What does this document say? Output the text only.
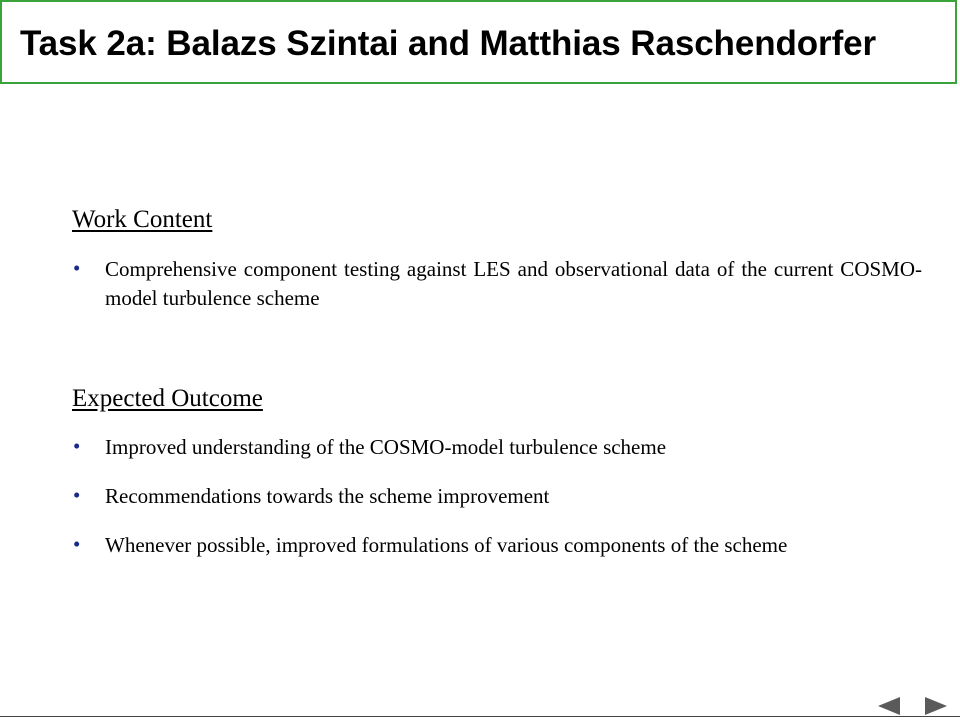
Task 2a: Balazs Szintai and Matthias Raschendorfer
Work Content
• Comprehensive component testing against LES and observational data of the current COSMO-model turbulence scheme
Expected Outcome
• Improved understanding of the COSMO-model turbulence scheme
• Recommendations towards the scheme improvement
• Whenever possible, improved formulations of various components of the scheme
